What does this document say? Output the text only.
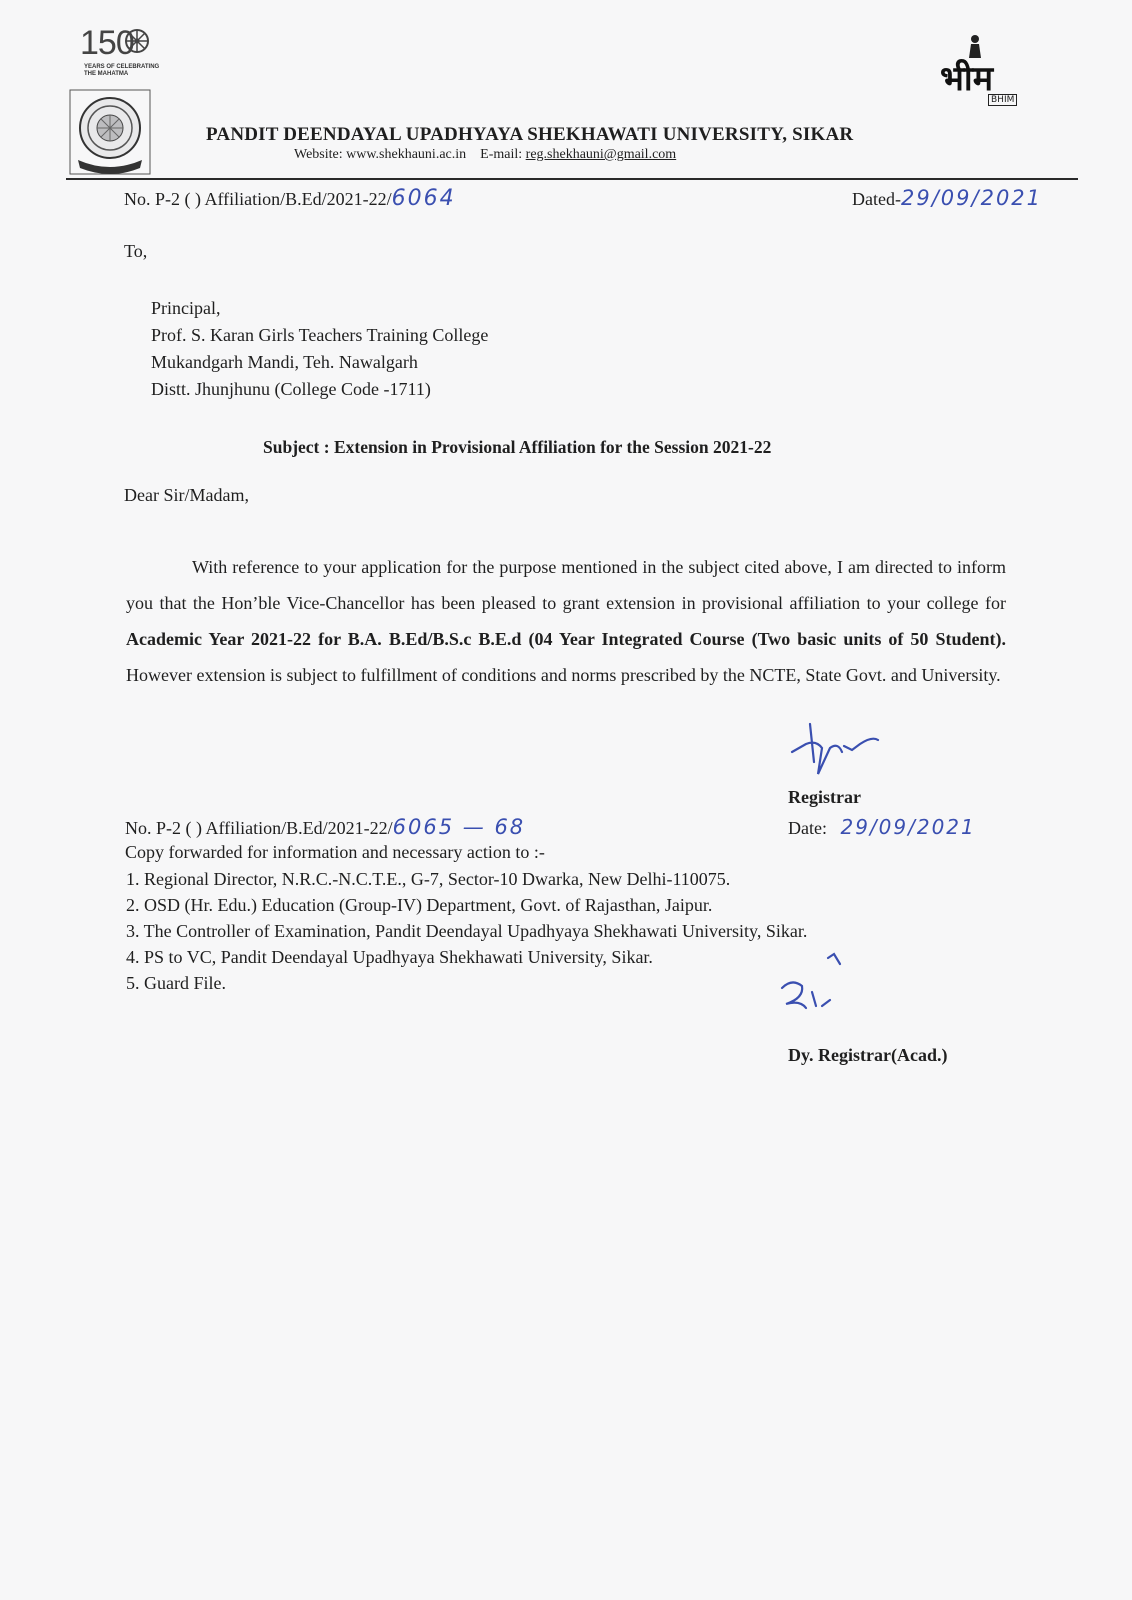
150
YEARS OF CELEBRATING THE MAHATMA	भीम
BHIM
PANDIT DEENDAYAL UPADHYAYA SHEKHAWATI UNIVERSITY, SIKAR
Website: www.shekhauni.ac.in E-mail: reg.shekhauni@gmail.com
No. P-2 ( ) Affiliation/B.Ed/2021-22/6064	Dated-29/09/2021
To,
Principal,
Prof. S. Karan Girls Teachers Training College
Mukandgarh Mandi, Teh. Nawalgarh
Distt. Jhunjhunu (College Code -1711)
Subject : Extension in Provisional Affiliation for the Session 2021-22
Dear Sir/Madam,

With reference to your application for the purpose mentioned in the subject cited above, I am directed to inform you that the Hon’ble Vice-Chancellor has been pleased to grant extension in provisional affiliation to your college for Academic Year 2021-22 for B.A. B.Ed/B.S.c B.E.d (04 Year Integrated Course (Two basic units of 50 Student). However extension is subject to fulfillment of conditions and norms prescribed by the NCTE, State Govt. and University.

Registrar
No. P-2 ( ) Affiliation/B.Ed/2021-22/6065 — 68	Date: 29/09/2021
Copy forwarded for information and necessary action to :-
1. Regional Director, N.R.C.-N.C.T.E., G-7, Sector-10 Dwarka, New Delhi-110075.
2. OSD (Hr. Edu.) Education (Group-IV) Department, Govt. of Rajasthan, Jaipur.
3. The Controller of Examination, Pandit Deendayal Upadhyaya Shekhawati University, Sikar.
4. PS to VC, Pandit Deendayal Upadhyaya Shekhawati University, Sikar.
5. Guard File.
Dy. Registrar(Acad.)
